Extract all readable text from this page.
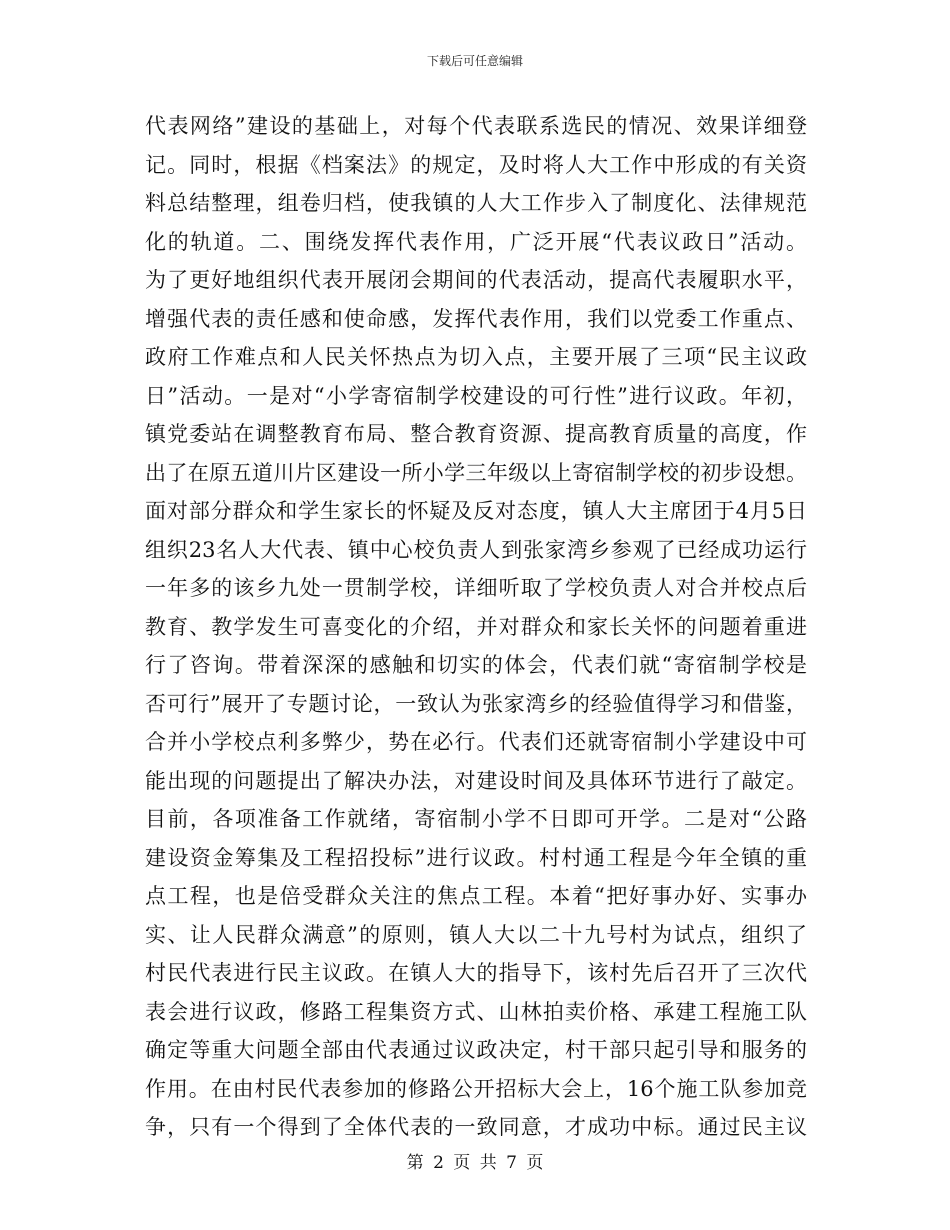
下载后可任意编辑
代表网络”建设的基础上，对每个代表联系选民的情况、效果详细登
记。同时，根据《档案法》的规定，及时将人大工作中形成的有关资
料总结整理，组卷归档，使我镇的人大工作步入了制度化、法律规范
化的轨道。二、围绕发挥代表作用，广泛开展“代表议政日”活动。
为了更好地组织代表开展闭会期间的代表活动，提高代表履职水平，
增强代表的责任感和使命感，发挥代表作用，我们以党委工作重点、
政府工作难点和人民关怀热点为切入点，主要开展了三项“民主议政
日”活动。一是对“小学寄宿制学校建设的可行性”进行议政。年初，
镇党委站在调整教育布局、整合教育资源、提高教育质量的高度，作
出了在原五道川片区建设一所小学三年级以上寄宿制学校的初步设想。
面对部分群众和学生家长的怀疑及反对态度，镇人大主席团于4月5日
组织23名人大代表、镇中心校负责人到张家湾乡参观了已经成功运行
一年多的该乡九处一贯制学校，详细听取了学校负责人对合并校点后
教育、教学发生可喜变化的介绍，并对群众和家长关怀的问题着重进
行了咨询。带着深深的感触和切实的体会，代表们就“寄宿制学校是
否可行”展开了专题讨论，一致认为张家湾乡的经验值得学习和借鉴，
合并小学校点利多弊少，势在必行。代表们还就寄宿制小学建设中可
能出现的问题提出了解决办法，对建设时间及具体环节进行了敲定。
目前，各项准备工作就绪，寄宿制小学不日即可开学。二是对“公路
建设资金筹集及工程招投标”进行议政。村村通工程是今年全镇的重
点工程，也是倍受群众关注的焦点工程。本着“把好事办好、实事办
实、让人民群众满意”的原则，镇人大以二十九号村为试点，组织了
村民代表进行民主议政。在镇人大的指导下，该村先后召开了三次代
表会进行议政，修路工程集资方式、山林拍卖价格、承建工程施工队
确定等重大问题全部由代表通过议政决定，村干部只起引导和服务的
作用。在由村民代表参加的修路公开招标大会上，16个施工队参加竞
争，只有一个得到了全体代表的一致同意，才成功中标。通过民主议
第 2 页 共 7 页
